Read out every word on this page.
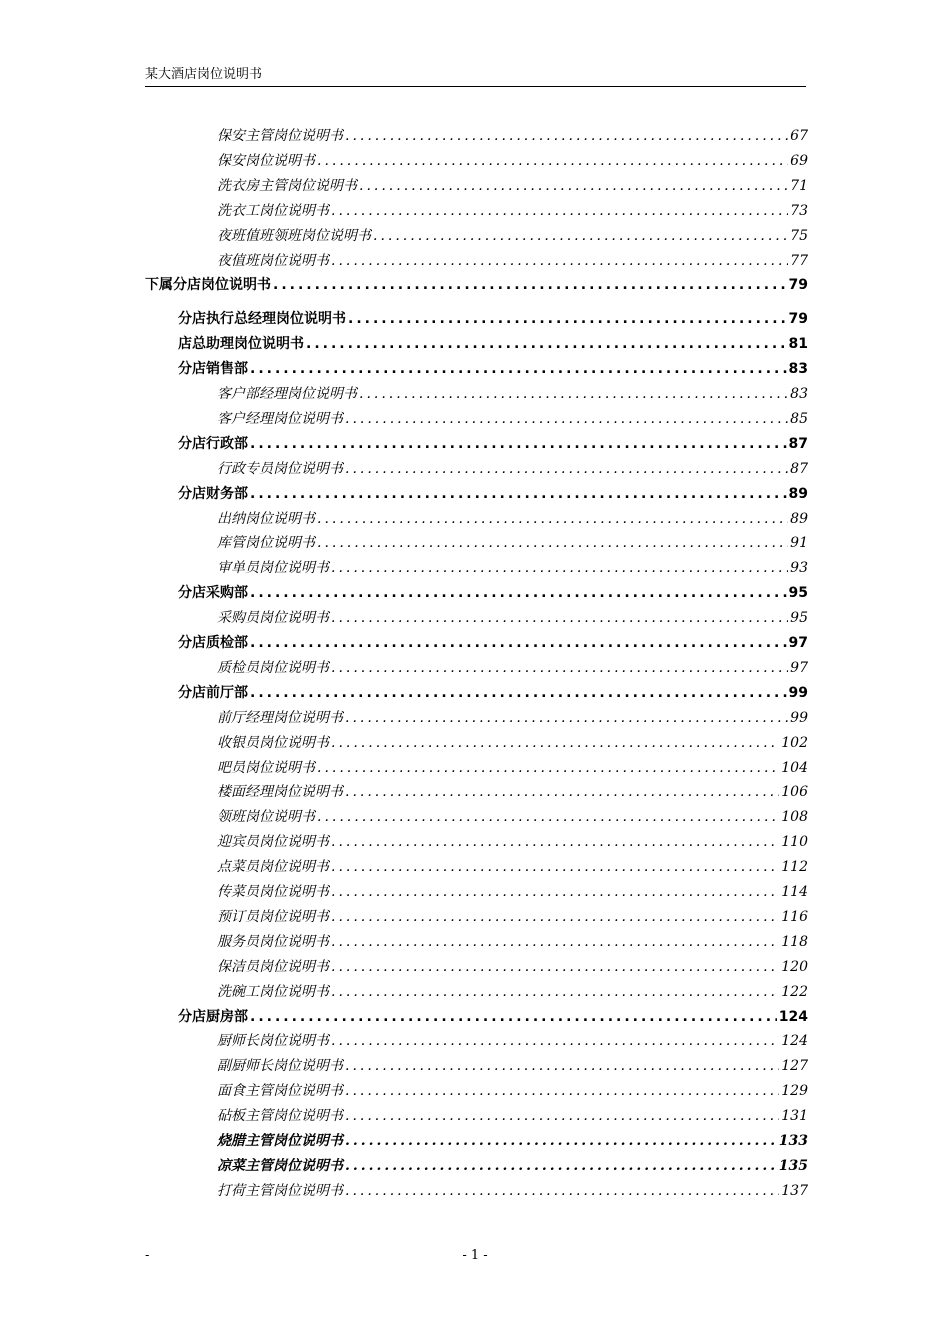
某大酒店岗位说明书
保安主管岗位说明书 .....	67
保安岗位说明书 .....	69
洗衣房主管岗位说明书 .....	71
洗衣工岗位说明书 .....	73
夜班值班领班岗位说明书 .....	75
夜值班岗位说明书 .....	77
下属分店岗位说明书 .....	79
分店执行总经理岗位说明书 .....	79
店总助理岗位说明书 .....	81
分店销售部 .....	83
客户部经理岗位说明书 .....	83
客户经理岗位说明书 .....	85
分店行政部 .....	87
行政专员岗位说明书 .....	87
分店财务部 .....	89
出纳岗位说明书 .....	89
库管岗位说明书 .....	91
审单员岗位说明书 .....	93
分店采购部 .....	95
采购员岗位说明书 .....	95
分店质检部 .....	97
质检员岗位说明书 .....	97
分店前厅部 .....	99
前厅经理岗位说明书 .....	99
收银员岗位说明书 .....	102
吧员岗位说明书 .....	104
楼面经理岗位说明书 .....	106
领班岗位说明书 .....	108
迎宾员岗位说明书 .....	110
点菜员岗位说明书 .....	112
传菜员岗位说明书 .....	114
预订员岗位说明书 .....	116
服务员岗位说明书 .....	118
保洁员岗位说明书 .....	120
洗碗工岗位说明书 .....	122
分店厨房部 .....	124
厨师长岗位说明书 .....	124
副厨师长岗位说明书 .....	127
面食主管岗位说明书 .....	129
砧板主管岗位说明书 .....	131
烧腊主管岗位说明书 .....	133
凉菜主管岗位说明书 .....	135
打荷主管岗位说明书 .....	137
-	- 1 -
